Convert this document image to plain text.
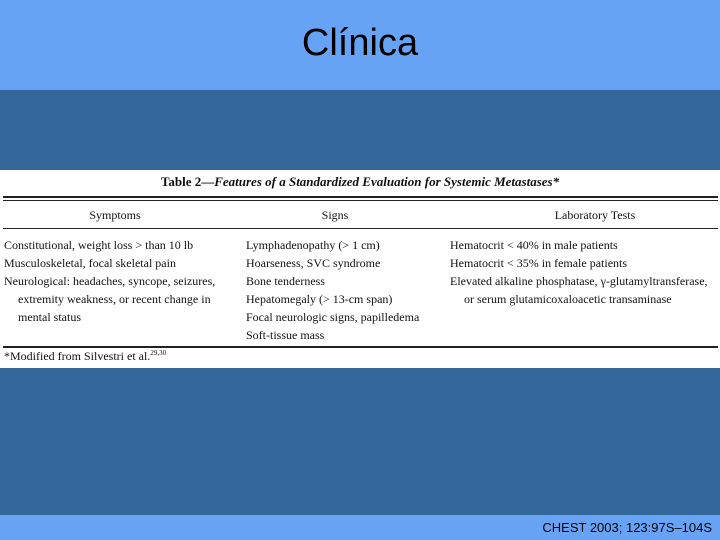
Clínica
Table 2—Features of a Standardized Evaluation for Systemic Metastases*
Symptoms	Signs	Laboratory Tests
Constitutional, weight loss > than 10 lb
Musculoskeletal, focal skeletal pain
Neurological: headaches, syncope, seizures,
extremity weakness, or recent change in
mental status
Lymphadenopathy (> 1 cm)
Hoarseness, SVC syndrome
Bone tenderness
Hepatomegaly (> 13-cm span)
Focal neurologic signs, papilledema
Soft-tissue mass
Hematocrit < 40% in male patients
Hematocrit < 35% in female patients
Elevated alkaline phosphatase, γ-glutamyltransferase,
or serum glutamicoxaloacetic transaminase
*Modified from Silvestri et al.$^{29,30}$
CHEST 2003; 123:97S–104S
